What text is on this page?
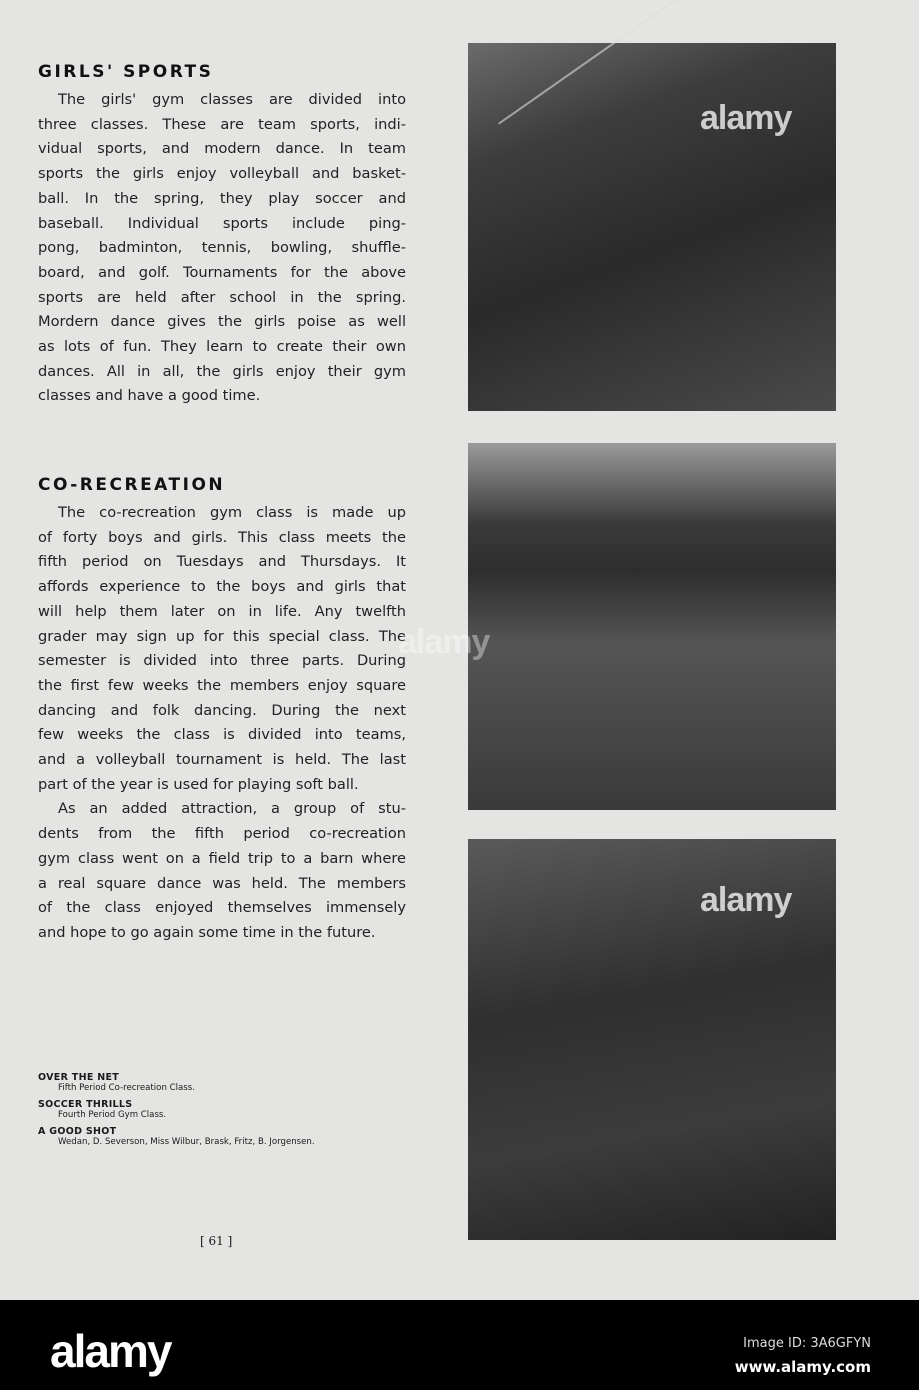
GIRLS' SPORTS
The girls' gym classes are divided into
three classes. These are team sports, indi-
vidual sports, and modern dance. In team
sports the girls enjoy volleyball and basket-
ball. In the spring, they play soccer and
baseball. Individual sports include ping-
pong, badminton, tennis, bowling, shuffle-
board, and golf. Tournaments for the above
sports are held after school in the spring.
Mordern dance gives the girls poise as well
as lots of fun. They learn to create their own
dances. All in all, the girls enjoy their gym
classes and have a good time.
CO-RECREATION
The co-recreation gym class is made up
of forty boys and girls. This class meets the
fifth period on Tuesdays and Thursdays. It
affords experience to the boys and girls that
will help them later on in life. Any twelfth
grader may sign up for this special class. The
semester is divided into three parts. During
the first few weeks the members enjoy square
dancing and folk dancing. During the next
few weeks the class is divided into teams,
and a volleyball tournament is held. The last
part of the year is used for playing soft ball.
As an added attraction, a group of stu-
dents from the fifth period co-recreation
gym class went on a field trip to a barn where
a real square dance was held. The members
of the class enjoyed themselves immensely
and hope to go again some time in the future.
OVER THE NET
Fifth Period Co-recreation Class.
SOCCER THRILLS
Fourth Period Gym Class.
A GOOD SHOT
Wedan, D. Severson, Miss Wilbur, Brask, Fritz, B. Jorgensen.
[ 61 ]
alamy
alamy
alamy
alamy	Image ID: 3A6GFYN
www.alamy.com
